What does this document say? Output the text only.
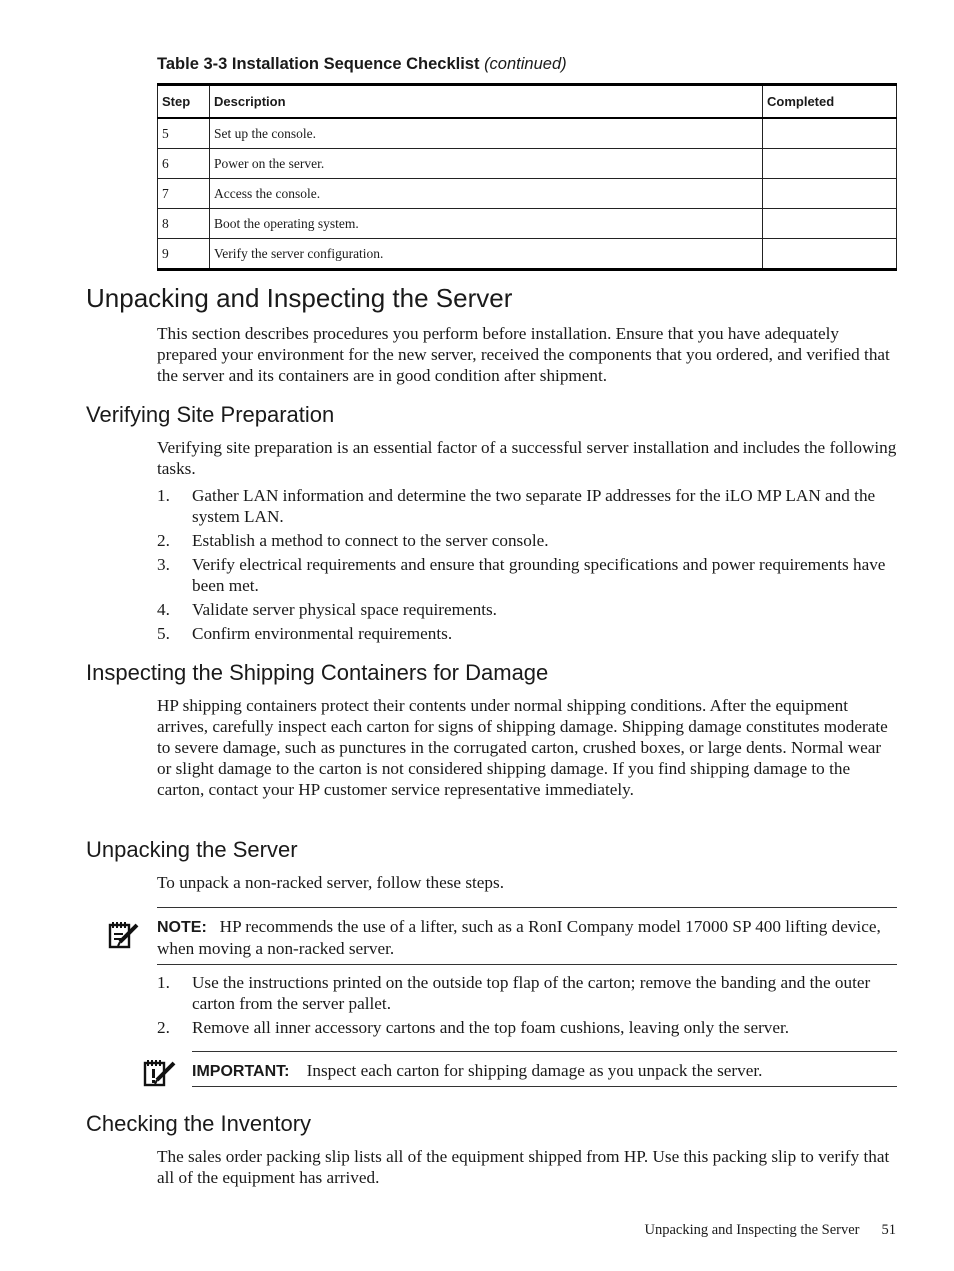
Table 3-3 Installation Sequence Checklist (continued)
Step	Description	Completed
5	Set up the console.	
6	Power on the server.	
7	Access the console.	
8	Boot the operating system.	
9	Verify the server configuration.	
Unpacking and Inspecting the Server

This section describes procedures you perform before installation. Ensure that you have adequately prepared your environment for the new server, received the components that you ordered, and verified that the server and its containers are in good condition after shipment.

Verifying Site Preparation

Verifying site preparation is an essential factor of a successful server installation and includes the following tasks.

1. Gather LAN information and determine the two separate IP addresses for the iLO MP LAN and the system LAN.
2. Establish a method to connect to the server console.
3. Verify electrical requirements and ensure that grounding specifications and power requirements have been met.
4. Validate server physical space requirements.
5. Confirm environmental requirements.
Inspecting the Shipping Containers for Damage

HP shipping containers protect their contents under normal shipping conditions. After the equipment arrives, carefully inspect each carton for signs of shipping damage. Shipping damage constitutes moderate to severe damage, such as punctures in the corrugated carton, crushed boxes, or large dents. Normal wear or slight damage to the carton is not considered shipping damage. If you find shipping damage to the carton, contact your HP customer service representative immediately.

Unpacking the Server

To unpack a non-racked server, follow these steps.

NOTE: HP recommends the use of a lifter, such as a RonI Company model 17000 SP 400 lifting device, when moving a non-racked server.

1. Use the instructions printed on the outside top flap of the carton; remove the banding and the outer carton from the server pallet.
2. Remove all inner accessory cartons and the top foam cushions, leaving only the server.

IMPORTANT: Inspect each carton for shipping damage as you unpack the server.

Checking the Inventory

The sales order packing slip lists all of the equipment shipped from HP. Use this packing slip to verify that all of the equipment has arrived.

Unpacking and Inspecting the Server 51
